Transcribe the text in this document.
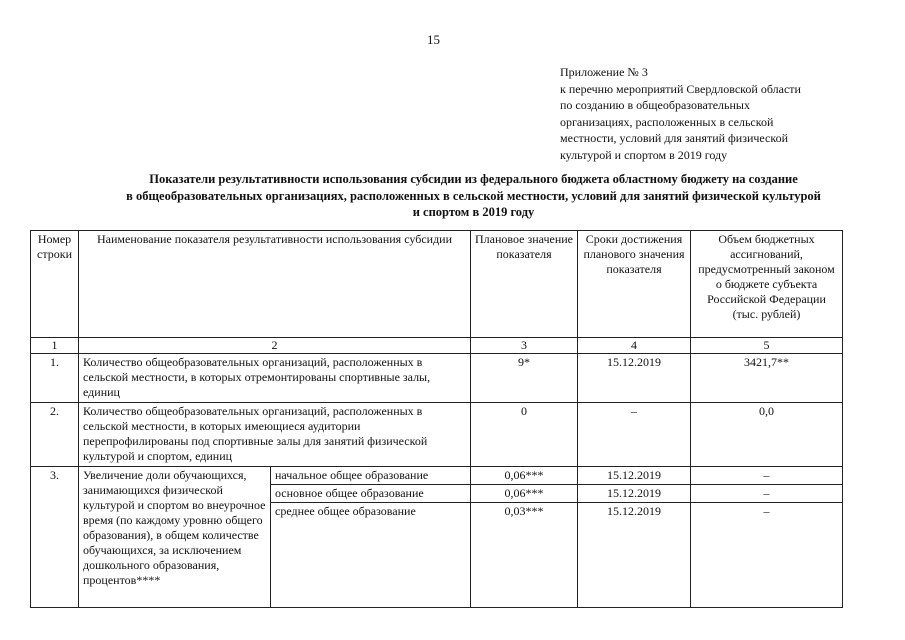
15
Приложение № 3
к перечню мероприятий Свердловской области
по созданию в общеобразовательных
организациях, расположенных в сельской
местности, условий для занятий физической
культурой и спортом в 2019 году
Показатели результативности использования субсидии из федерального бюджета областному бюджету на создание
в общеобразовательных организациях, расположенных в сельской местности, условий для занятий физической культурой
и спортом в 2019 году
Номер строки	Наименование показателя результативности использования субсидии		Плановое значение показателя	Сроки достижения планового значения показателя	Объем бюджетных ассигнований, предусмотренный законом о бюджете субъекта Российской Федерации (тыс. рублей)
1	2		3	4	5
1.	Количество общеобразовательных организаций, расположенных в сельской местности, в которых отремонтированы спортивные залы, единиц		9*	15.12.2019	3421,7**
2.	Количество общеобразовательных организаций, расположенных в сельской местности, в которых имеющиеся аудитории перепрофилированы под спортивные залы для занятий физической культурой и спортом, единиц		0	–	0,0
3.	Увеличение доли обучающихся, занимающихся физической культурой и спортом во внеурочное время (по каждому уровню общего образования), в общем количестве обучающихся, за исключением дошкольного образования, процентов****	начальное общее образование	0,06***	15.12.2019	–
		основное общее образование	0,06***	15.12.2019	–
		среднее общее образование	0,03***	15.12.2019	–
